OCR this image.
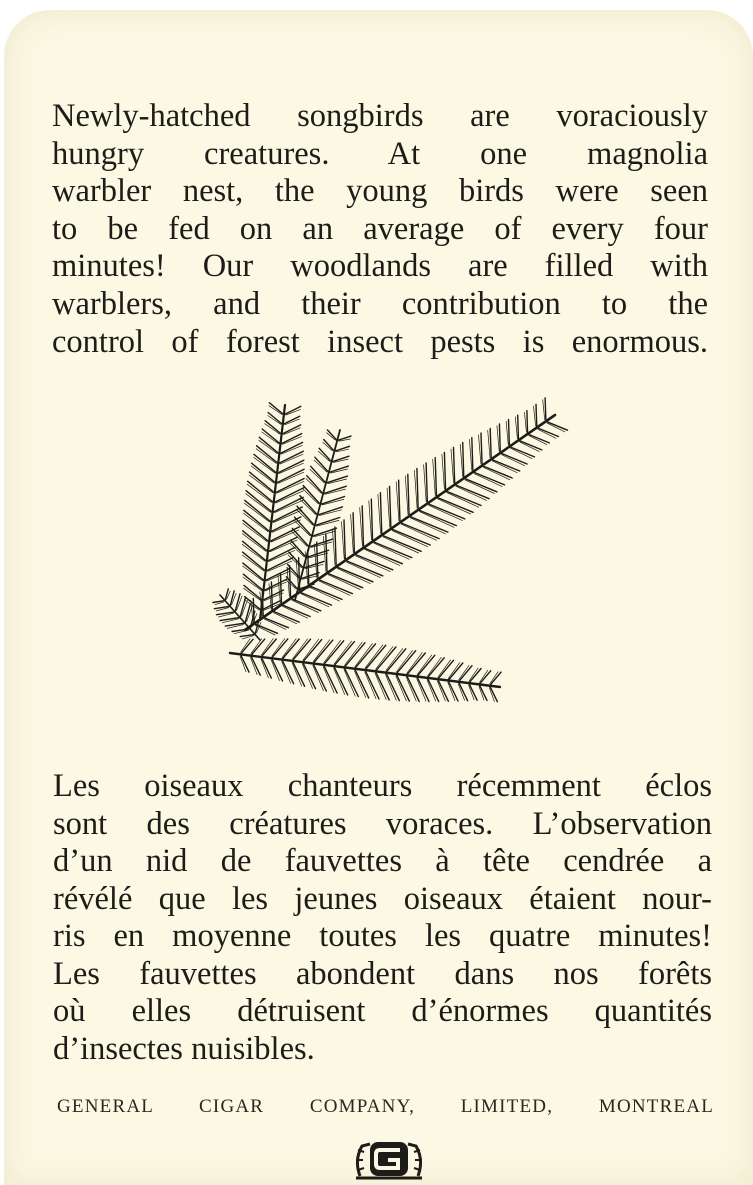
Newly-hatched songbirds are voraciously
hungry creatures. At one magnolia
warbler nest, the young birds were seen
to be fed on an average of every four
minutes! Our woodlands are filled with
warblers, and their contribution to the
control of forest insect pests is enormous.
Les oiseaux chanteurs récemment éclos
sont des créatures voraces. L’observation
d’un nid de fauvettes à tête cendrée a
révélé que les jeunes oiseaux étaient nour-
ris en moyenne toutes les quatre minutes!
Les fauvettes abondent dans nos forêts
où elles détruisent d’énormes quantités
d’insectes nuisibles.
GENERAL CIGAR COMPANY, LIMITED, MONTREAL
